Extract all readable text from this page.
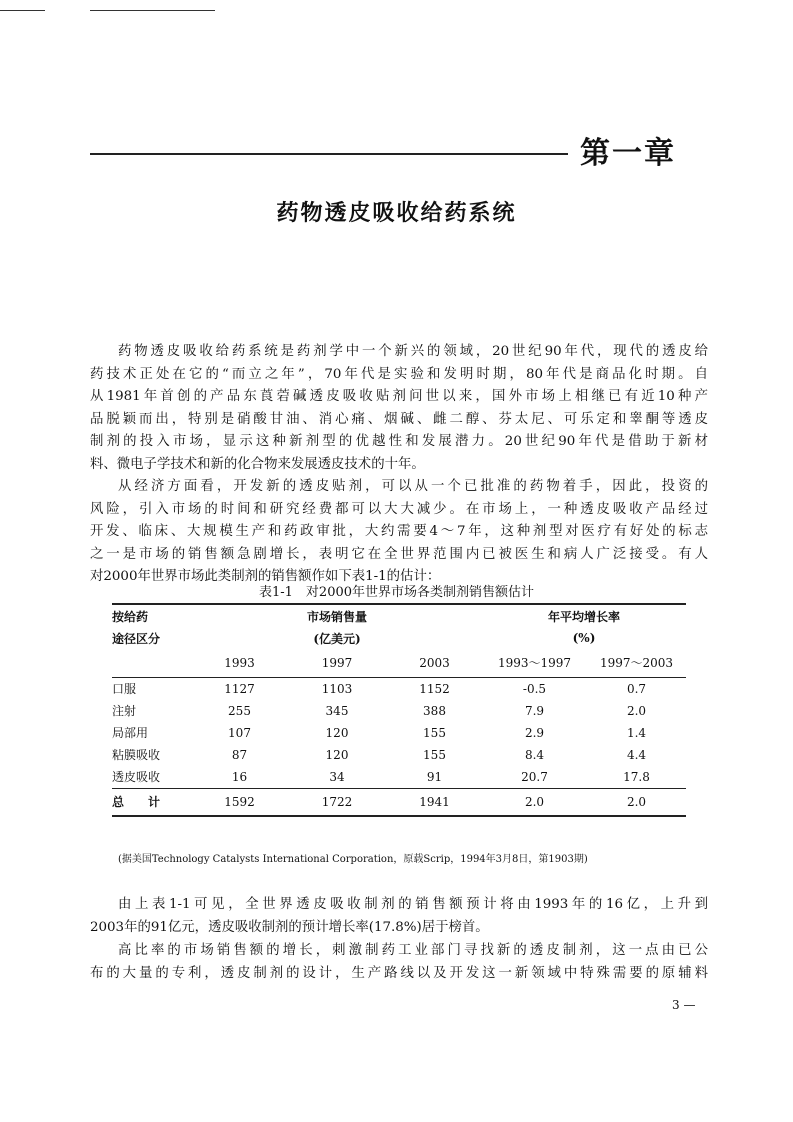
第一章
药物透皮吸收给药系统
药物透皮吸收给药系统是药剂学中一个新兴的领域，20世纪90年代，现代的透皮给
药技术正处在它的“而立之年”，70年代是实验和发明时期，80年代是商品化时期。自
从1981年首创的产品东莨菪碱透皮吸收贴剂问世以来，国外市场上相继已有近10种产
品脱颖而出，特别是硝酸甘油、消心痛、烟碱、雌二醇、芬太尼、可乐定和睾酮等透皮
制剂的投入市场，显示这种新剂型的优越性和发展潜力。20世纪90年代是借助于新材
料、微电子学技术和新的化合物来发展透皮技术的十年。
从经济方面看，开发新的透皮贴剂，可以从一个已批准的药物着手，因此，投资的
风险，引入市场的时间和研究经费都可以大大减少。在市场上，一种透皮吸收产品经过
开发、临床、大规模生产和药政审批，大约需要4～7年，这种剂型对医疗有好处的标志
之一是市场的销售额急剧增长，表明它在全世界范围内已被医生和病人广泛接受。有人
对2000年世界市场此类制剂的销售额作如下表1-1的估计：
表1-1　对2000年世界市场各类制剂销售额估计
按给药		市场销售量		年平均增长率	
途径区分		(亿美元)		(%)	
	1993	1997	2003	1993～1997	1997～2003
口服	1127	1103	1152	-0.5	0.7
注射	255	345	388	7.9	2.0
局部用	107	120	155	2.9	1.4
粘膜吸收	87	120	155	8.4	4.4
透皮吸收	16	34	91	20.7	17.8
总　　计	1592	1722	1941	2.0	2.0
(据美国Technology Catalysts International Corporation，原载Scrip，1994年3月8日，第1903期)
由上表1-1可见，全世界透皮吸收制剂的销售额预计将由1993年的16亿，上升到
2003年的91亿元，透皮吸收制剂的预计增长率(17.8%)居于榜首。
高比率的市场销售额的增长，刺激制药工业部门寻找新的透皮制剂，这一点由已公
布的大量的专利，透皮制剂的设计，生产路线以及开发这一新领域中特殊需要的原辅料
3 —
